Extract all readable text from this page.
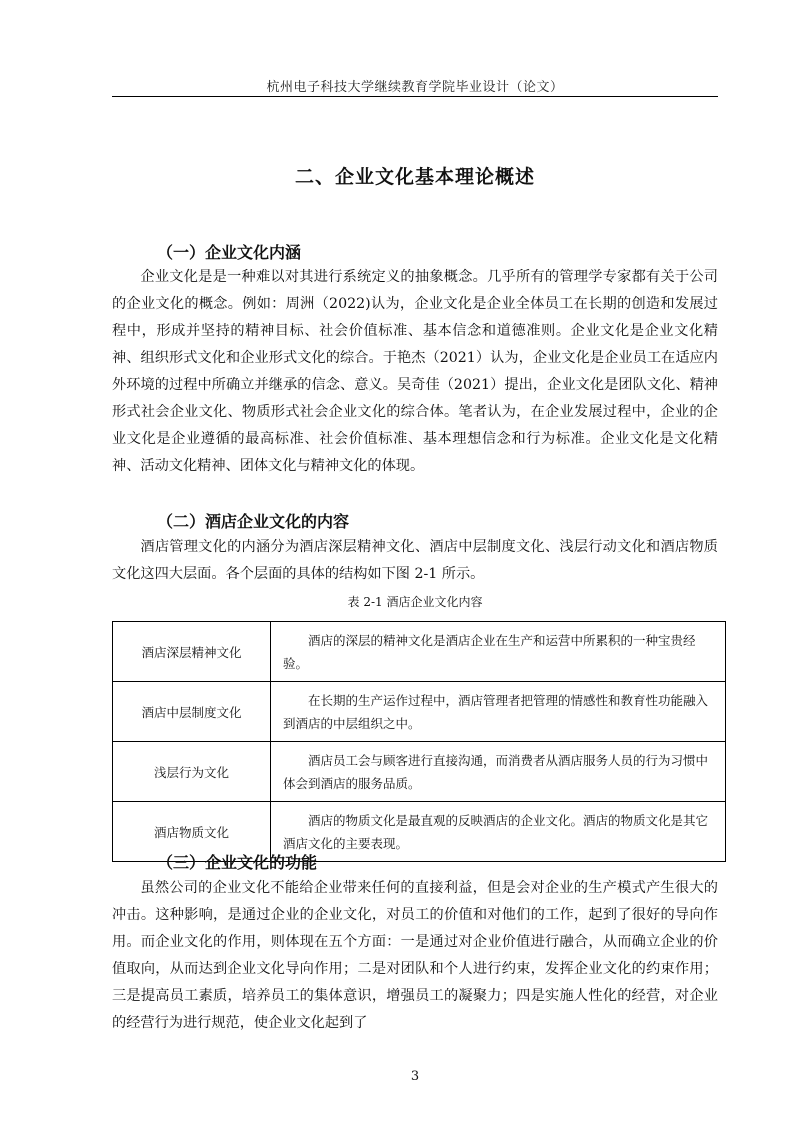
杭州电子科技大学继续教育学院毕业设计（论文）
二、企业文化基本理论概述
（一）企业文化内涵
企业文化是是一种难以对其进行系统定义的抽象概念。几乎所有的管理学专家都有关于公司的企业文化的概念。例如：周洲（2022)认为，企业文化是企业全体员工在长期的创造和发展过程中，形成并坚持的精神目标、社会价值标准、基本信念和道德准则。企业文化是企业文化精神、组织形式文化和企业形式文化的综合。于艳杰（2021）认为，企业文化是企业员工在适应内外环境的过程中所确立并继承的信念、意义。吴奇佳（2021）提出，企业文化是团队文化、精神形式社会企业文化、物质形式社会企业文化的综合体。笔者认为，在企业发展过程中，企业的企业文化是企业遵循的最高标准、社会价值标准、基本理想信念和行为标准。企业文化是文化精神、活动文化精神、团体文化与精神文化的体现。
（二）酒店企业文化的内容
酒店管理文化的内涵分为酒店深层精神文化、酒店中层制度文化、浅层行动文化和酒店物质文化这四大层面。各个层面的具体的结构如下图 2-1 所示。
表 2-1 酒店企业文化内容
酒店深层精神文化	酒店的深层的精神文化是酒店企业在生产和运营中所累积的一种宝贵经验。
酒店中层制度文化	在长期的生产运作过程中，酒店管理者把管理的情感性和教育性功能融入到酒店的中层组织之中。
浅层行为文化	酒店员工会与顾客进行直接沟通，而消费者从酒店服务人员的行为习惯中体会到酒店的服务品质。
酒店物质文化	酒店的物质文化是最直观的反映酒店的企业文化。酒店的物质文化是其它酒店文化的主要表现。
（三）企业文化的功能
虽然公司的企业文化不能给企业带来任何的直接利益，但是会对企业的生产模式产生很大的冲击。这种影响，是通过企业的企业文化，对员工的价值和对他们的工作，起到了很好的导向作用。而企业文化的作用，则体现在五个方面：一是通过对企业价值进行融合，从而确立企业的价值取向，从而达到企业文化导向作用；二是对团队和个人进行约束，发挥企业文化的约束作用；三是提高员工素质，培养员工的集体意识，增强员工的凝聚力；四是实施人性化的经营，对企业的经营行为进行规范，使企业文化起到了
3
